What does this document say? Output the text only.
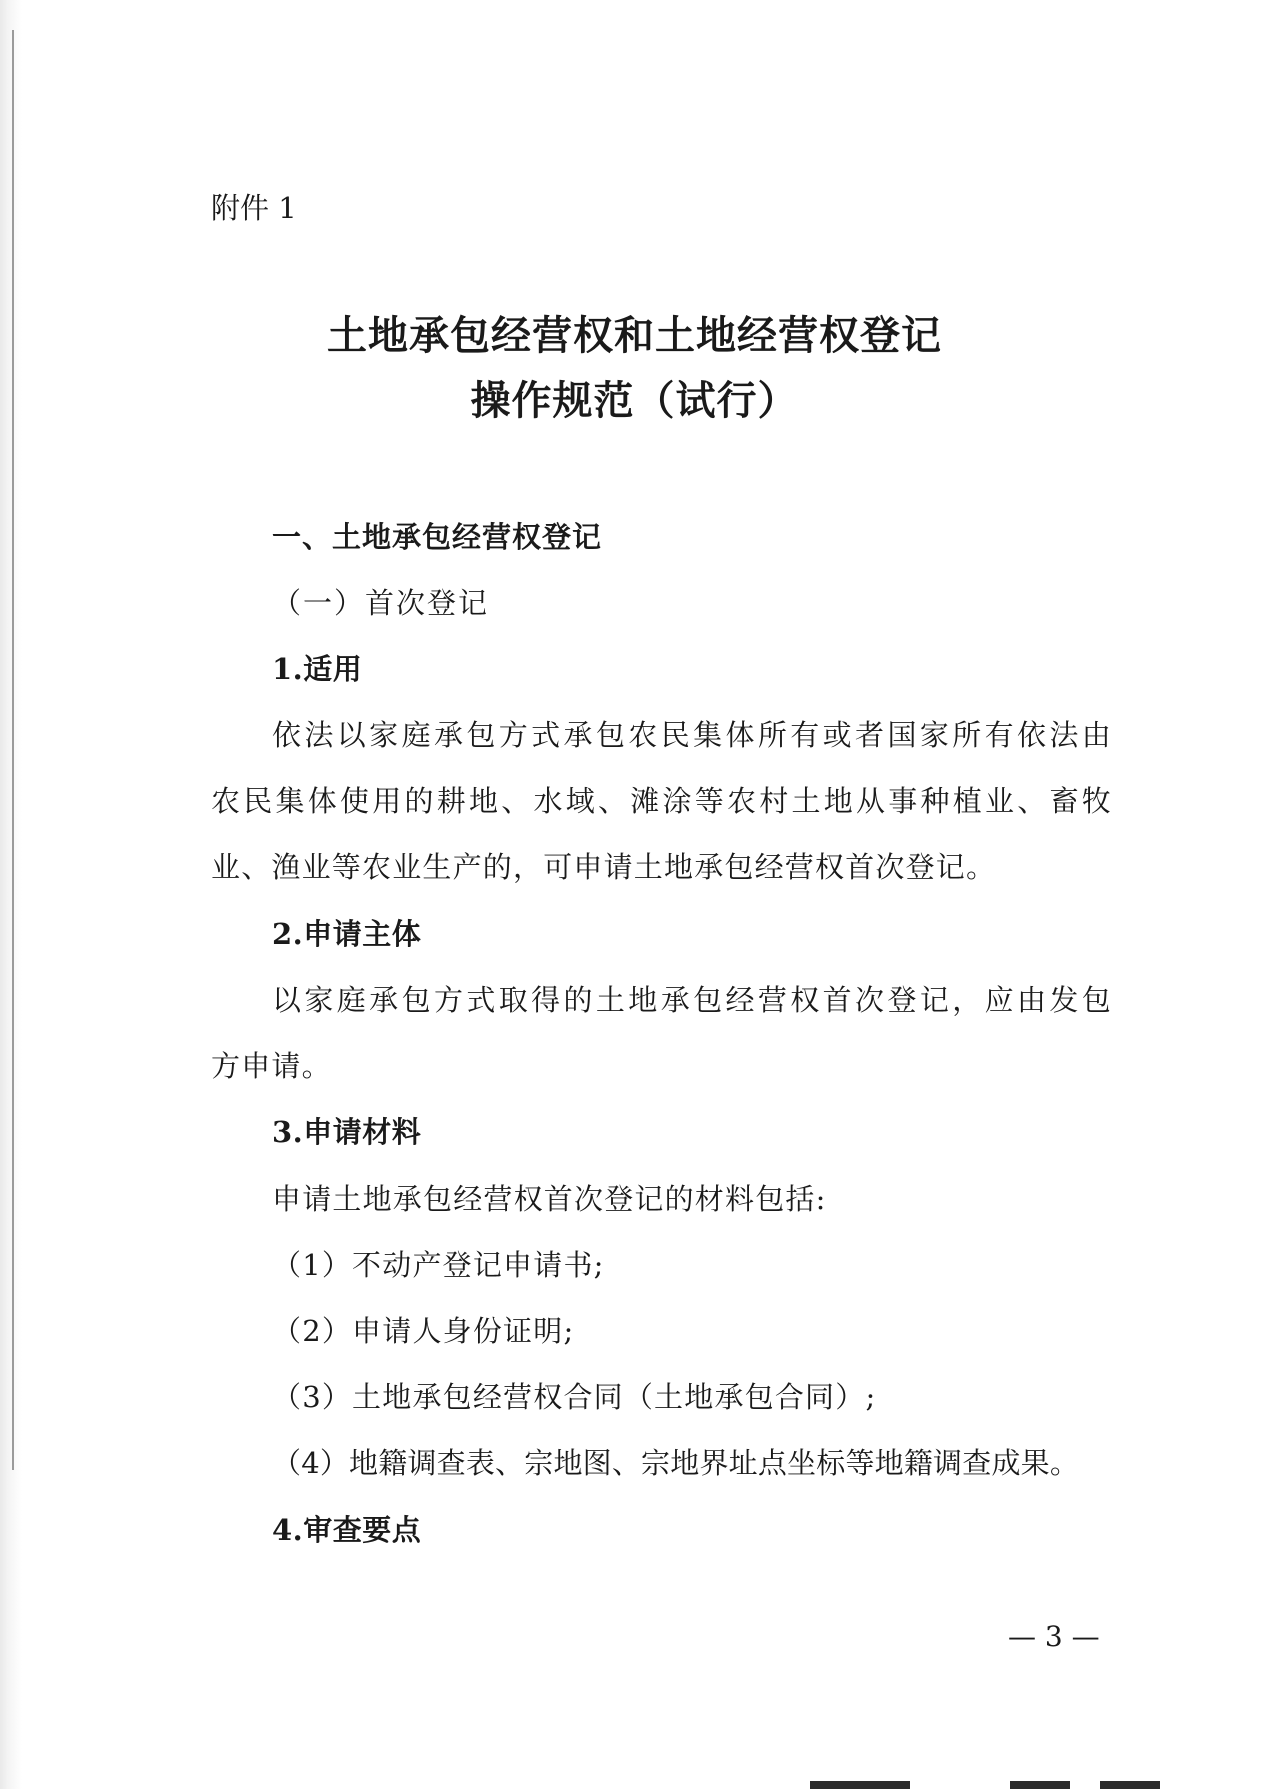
附件 1
土地承包经营权和土地经营权登记
操作规范（试行）
一、土地承包经营权登记
（一）首次登记
1.适用
依法以家庭承包方式承包农民集体所有或者国家所有依法由
农民集体使用的耕地、水域、滩涂等农村土地从事种植业、畜牧
业、渔业等农业生产的，可申请土地承包经营权首次登记。
2.申请主体
以家庭承包方式取得的土地承包经营权首次登记，应由发包
方申请。
3.申请材料
申请土地承包经营权首次登记的材料包括:
（1）不动产登记申请书;
（2）申请人身份证明;
（3）土地承包经营权合同（土地承包合同）;
（4）地籍调查表、宗地图、宗地界址点坐标等地籍调查成果。
4.审查要点
— 3 —
